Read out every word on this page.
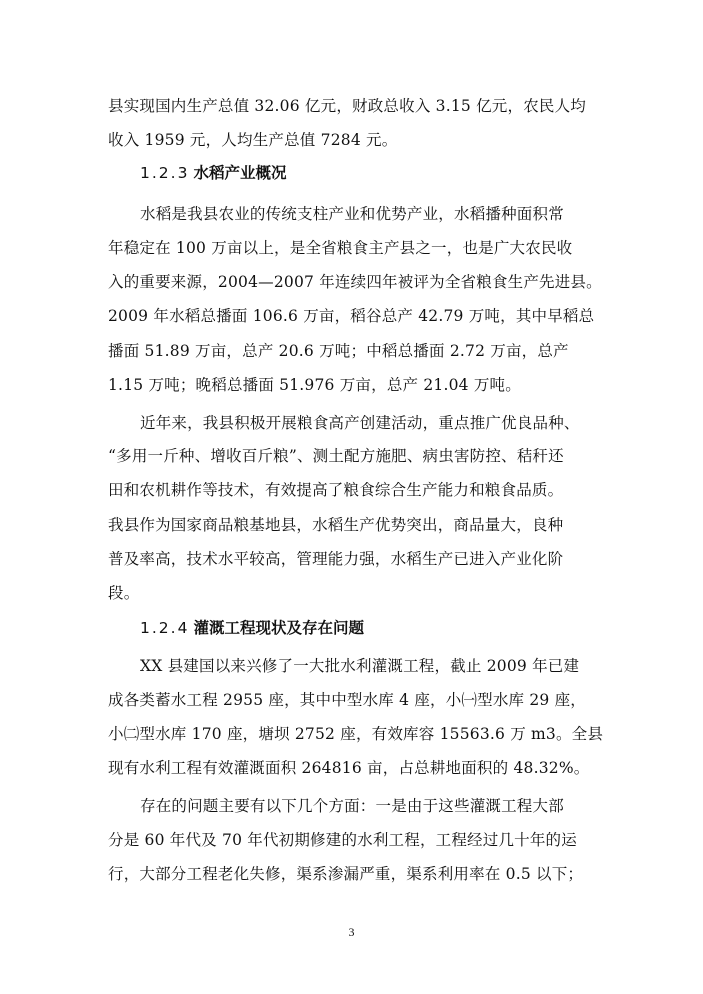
县实现国内生产总值 32.06 亿元，财政总收入 3.15 亿元，农民人均
收入 1959 元，人均生产总值 7284 元。
1.2.3 水稻产业概况
水稻是我县农业的传统支柱产业和优势产业，水稻播种面积常
年稳定在 100 万亩以上，是全省粮食主产县之一，也是广大农民收
入的重要来源，2004—2007 年连续四年被评为全省粮食生产先进县。
2009 年水稻总播面 106.6 万亩，稻谷总产 42.79 万吨，其中早稻总
播面 51.89 万亩，总产 20.6 万吨；中稻总播面 2.72 万亩，总产
1.15 万吨；晚稻总播面 51.976 万亩，总产 21.04 万吨。
近年来，我县积极开展粮食高产创建活动，重点推广优良品种、
“多用一斤种、增收百斤粮”、测土配方施肥、病虫害防控、秸秆还
田和农机耕作等技术，有效提高了粮食综合生产能力和粮食品质。
我县作为国家商品粮基地县，水稻生产优势突出，商品量大，良种
普及率高，技术水平较高，管理能力强，水稻生产已进入产业化阶
段。
1.2.4 灌溉工程现状及存在问题
XX 县建国以来兴修了一大批水利灌溉工程，截止 2009 年已建
成各类蓄水工程 2955 座，其中中型水库 4 座，小㈠型水库 29 座，
小㈡型水库 170 座，塘坝 2752 座，有效库容 15563.6 万 m3。全县
现有水利工程有效灌溉面积 264816 亩，占总耕地面积的 48.32%。
存在的问题主要有以下几个方面：一是由于这些灌溉工程大部
分是 60 年代及 70 年代初期修建的水利工程，工程经过几十年的运
行，大部分工程老化失修，渠系渗漏严重，渠系利用率在 0.5 以下；
3
